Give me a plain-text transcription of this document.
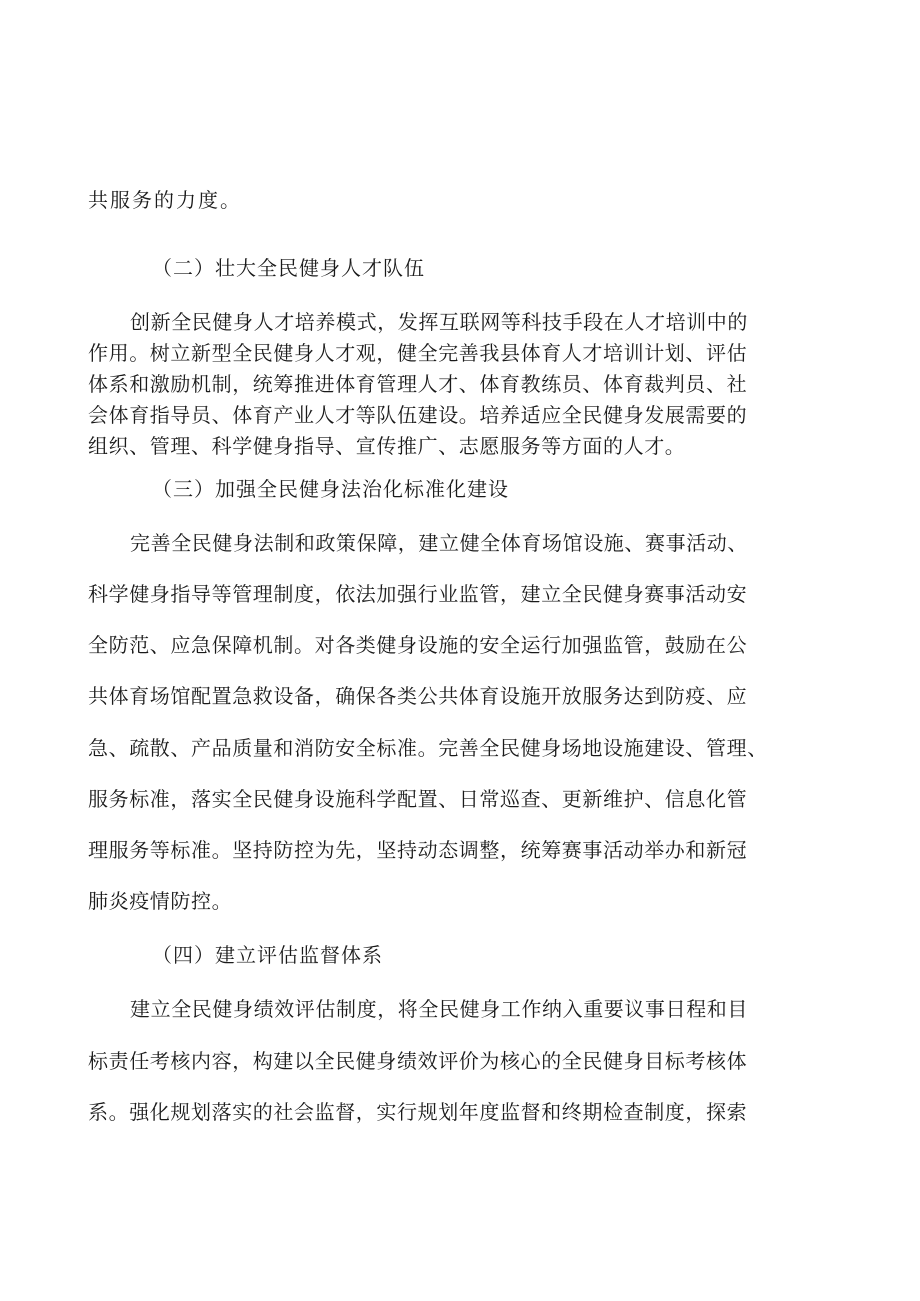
共服务的力度。
（二）壮大全民健身人才队伍
创新全民健身人才培养模式，发挥互联网等科技手段在人才培训中的
作用。树立新型全民健身人才观，健全完善我县体育人才培训计划、评估
体系和激励机制，统筹推进体育管理人才、体育教练员、体育裁判员、社
会体育指导员、体育产业人才等队伍建设。培养适应全民健身发展需要的
组织、管理、科学健身指导、宣传推广、志愿服务等方面的人才。
（三）加强全民健身法治化标准化建设
完善全民健身法制和政策保障，建立健全体育场馆设施、赛事活动、
科学健身指导等管理制度，依法加强行业监管，建立全民健身赛事活动安
全防范、应急保障机制。对各类健身设施的安全运行加强监管，鼓励在公
共体育场馆配置急救设备，确保各类公共体育设施开放服务达到防疫、应
急、疏散、产品质量和消防安全标准。完善全民健身场地设施建设、管理、
服务标准，落实全民健身设施科学配置、日常巡查、更新维护、信息化管
理服务等标准。坚持防控为先，坚持动态调整，统筹赛事活动举办和新冠
肺炎疫情防控。
（四）建立评估监督体系
建立全民健身绩效评估制度，将全民健身工作纳入重要议事日程和目
标责任考核内容，构建以全民健身绩效评价为核心的全民健身目标考核体
系。强化规划落实的社会监督，实行规划年度监督和终期检查制度，探索
